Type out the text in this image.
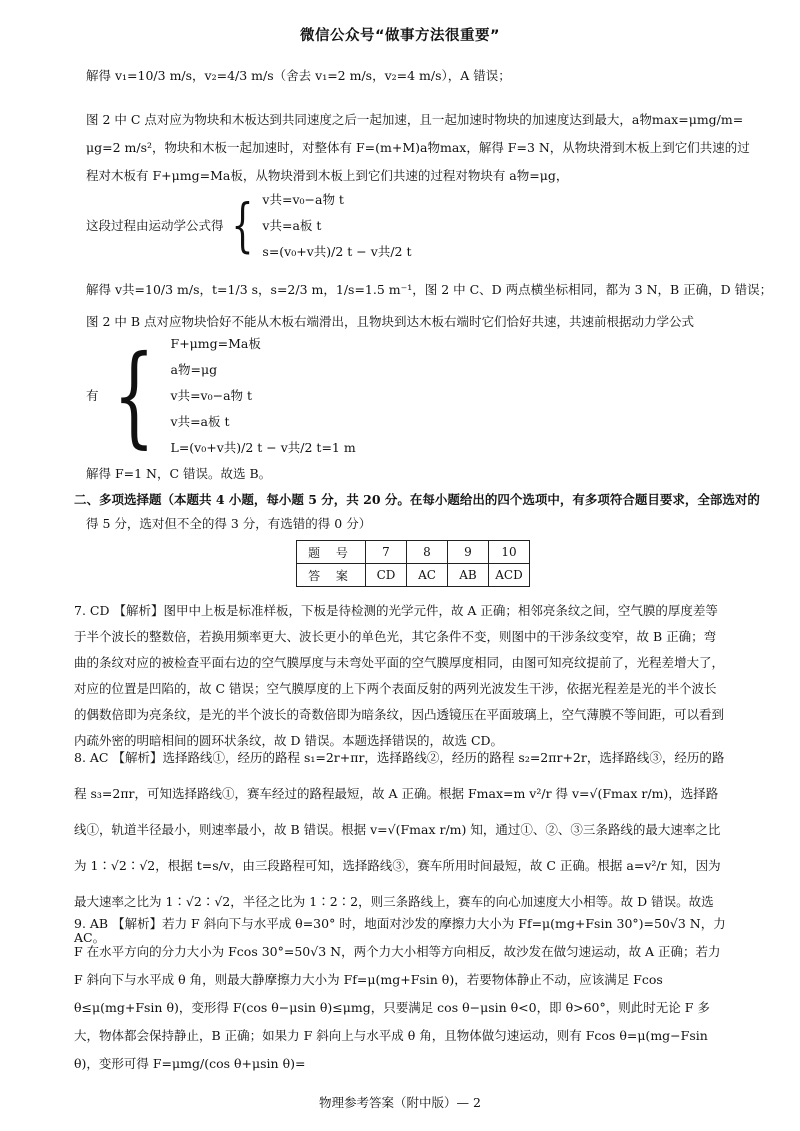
微信公众号“做事方法很重要”
解得 v₁=10/3 m/s，v₂=4/3 m/s（舍去 v₁=2 m/s，v₂=4 m/s），A 错误；
图 2 中 C 点对应为物块和木板达到共同速度之后一起加速，且一起加速时物块的加速度达到最大，a物max=μmg/m=
μg=2 m/s²，物块和木板一起加速时，对整体有 F=(m+M)a物max，解得 F=3 N，从物块滑到木板上到它们共速的过
程对木板有 F+μmg=Ma板，从物块滑到木板上到它们共速的过程对物块有 a物=μg，
这段过程由运动学公式得 { v共=v₀−a物 t
v共=a板 t
s=(v₀+v共)/2 t − v共/2 t
解得 v共=10/3 m/s，t=1/3 s，s=2/3 m，1/s=1.5 m⁻¹，图 2 中 C、D 两点横坐标相同，都为 3 N，B 正确，D 错误；
图 2 中 B 点对应物块恰好不能从木板右端滑出，且物块到达木板右端时它们恰好共速，共速前根据动力学公式
有 { F+μmg=Ma板
a物=μg
v共=v₀−a物 t
v共=a板 t
L=(v₀+v共)/2 t − v共/2 t=1 m
解得 F=1 N，C 错误。故选 B。
二、多项选择题（本题共 4 小题，每小题 5 分，共 20 分。在每小题给出的四个选项中，有多项符合题目要求，全部选对的
得 5 分，选对但不全的得 3 分，有选错的得 0 分）
题 号	7	8	9	10
答 案	CD	AC	AB	ACD
7. CD 【解析】图甲中上板是标准样板，下板是待检测的光学元件，故 A 正确；相邻亮条纹之间，空气膜的厚度差等于半个波长的整数倍，若换用频率更大、波长更小的单色光，其它条件不变，则图中的干涉条纹变窄，故 B 正确；弯曲的条纹对应的被检查平面右边的空气膜厚度与未弯处平面的空气膜厚度相同，由图可知亮纹提前了，光程差增大了，对应的位置是凹陷的，故 C 错误；空气膜厚度的上下两个表面反射的两列光波发生干涉，依据光程差是光的半个波长的偶数倍即为亮条纹，是光的半个波长的奇数倍即为暗条纹，因凸透镜压在平面玻璃上，空气薄膜不等间距，可以看到内疏外密的明暗相间的圆环状条纹，故 D 错误。本题选择错误的，故选 CD。
8. AC 【解析】选择路线①，经历的路程 s₁=2r+πr，选择路线②，经历的路程 s₂=2πr+2r，选择路线③，经历的路程 s₃=2πr，可知选择路线①，赛车经过的路程最短，故 A 正确。根据 Fmax=m v²/r 得 v=√(Fmax r/m)，选择路线①，轨道半径最小，则速率最小，故 B 错误。根据 v=√(Fmax r/m) 知，通过①、②、③三条路线的最大速率之比为 1∶√2∶√2，根据 t=s/v，由三段路程可知，选择路线③，赛车所用时间最短，故 C 正确。根据 a=v²/r 知，因为最大速率之比为 1∶√2∶√2，半径之比为 1∶2∶2，则三条路线上，赛车的向心加速度大小相等。故 D 错误。故选 AC。
9. AB 【解析】若力 F 斜向下与水平成 θ=30° 时，地面对沙发的摩擦力大小为 Ff=μ(mg+Fsin 30°)=50√3 N，力 F 在水平方向的分力大小为 Fcos 30°=50√3 N，两个力大小相等方向相反，故沙发在做匀速运动，故 A 正确；若力 F 斜向下与水平成 θ 角，则最大静摩擦力大小为 Ff=μ(mg+Fsin θ)，若要物体静止不动，应该满足 Fcos θ≤μ(mg+Fsin θ)，变形得 F(cos θ−μsin θ)≤μmg，只要满足 cos θ−μsin θ<0，即 θ>60°，则此时无论 F 多大，物体都会保持静止，B 正确；如果力 F 斜向上与水平成 θ 角，且物体做匀速运动，则有 Fcos θ=μ(mg−Fsin θ)，变形可得 F=μmg/(cos θ+μsin θ)=
物理参考答案（附中版）— 2
